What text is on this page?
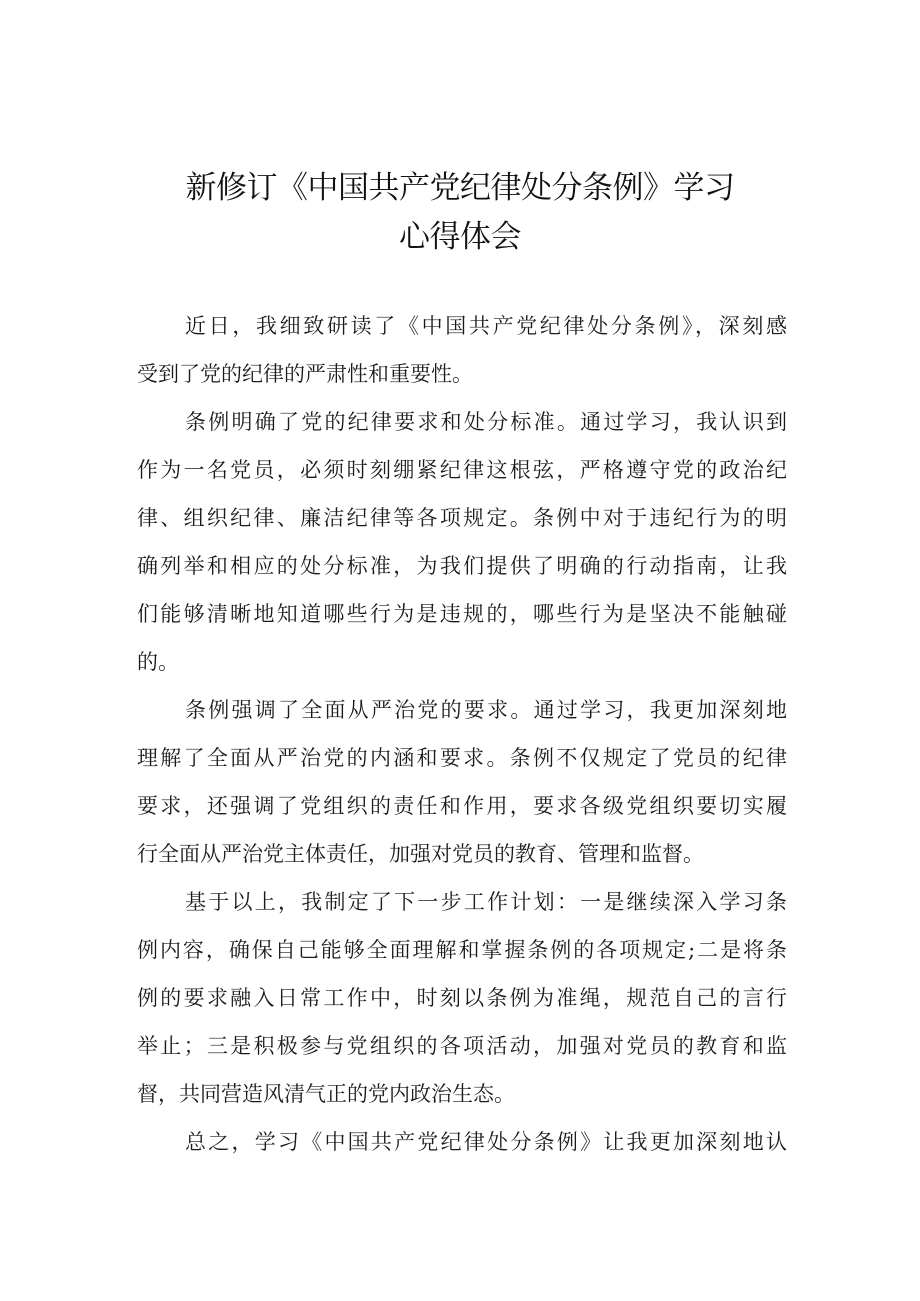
新修订《中国共产党纪律处分条例》学习
心得体会
近日，我细致研读了《中国共产党纪律处分条例》，深刻感
受到了党的纪律的严肃性和重要性。
条例明确了党的纪律要求和处分标准。通过学习，我认识到
作为一名党员，必须时刻绷紧纪律这根弦，严格遵守党的政治纪
律、组织纪律、廉洁纪律等各项规定。条例中对于违纪行为的明
确列举和相应的处分标准，为我们提供了明确的行动指南，让我
们能够清晰地知道哪些行为是违规的，哪些行为是坚决不能触碰
的。
条例强调了全面从严治党的要求。通过学习，我更加深刻地
理解了全面从严治党的内涵和要求。条例不仅规定了党员的纪律
要求，还强调了党组织的责任和作用，要求各级党组织要切实履
行全面从严治党主体责任，加强对党员的教育、管理和监督。
基于以上，我制定了下一步工作计划：一是继续深入学习条
例内容，确保自己能够全面理解和掌握条例的各项规定;二是将条
例的要求融入日常工作中，时刻以条例为准绳，规范自己的言行
举止；三是积极参与党组织的各项活动，加强对党员的教育和监
督，共同营造风清气正的党内政治生态。
总之，学习《中国共产党纪律处分条例》让我更加深刻地认
